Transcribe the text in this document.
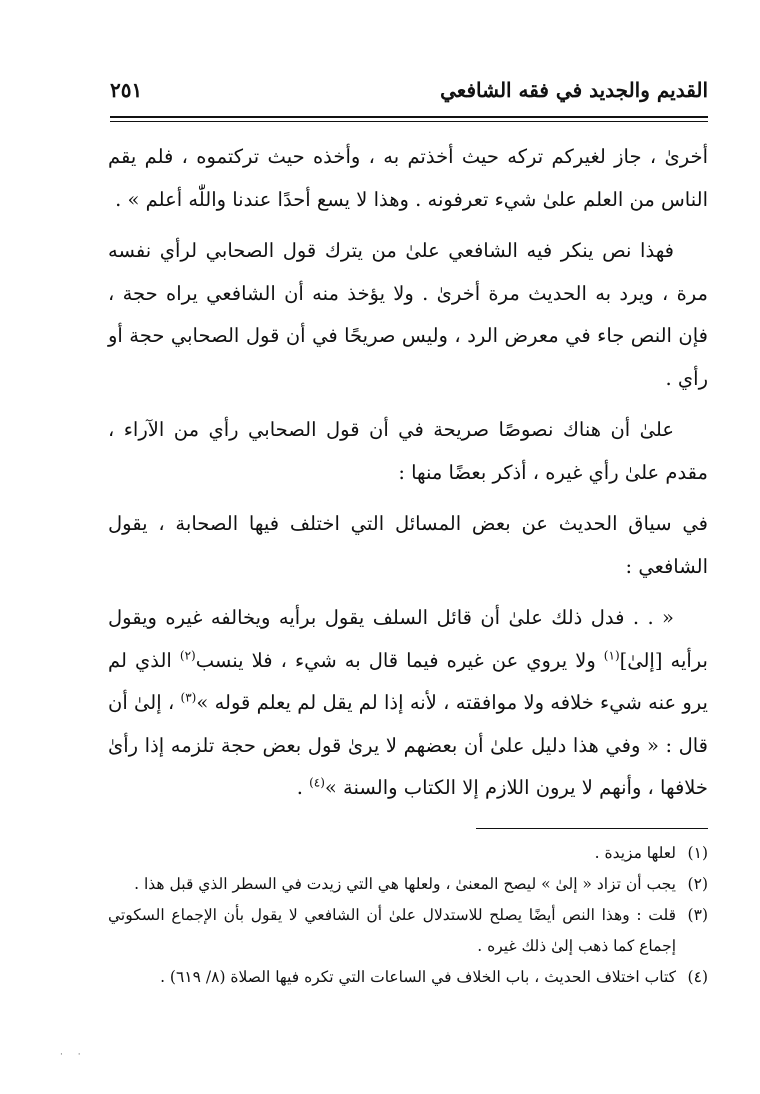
القديم والجديد في فقه الشافعي
٢٥١

أخرىٰ ، جاز لغيركم تركه حيث أخذتم به ، وأخذه حيث تركتموه ، فلم يقم الناس من العلم علىٰ شيء تعرفونه . وهذا لا يسع أحدًا عندنا واللّٰه أعلم » .

فهذا نص ينكر فيه الشافعي علىٰ من يترك قول الصحابي لرأي نفسه مرة ، ويرد به الحديث مرة أخرىٰ . ولا يؤخذ منه أن الشافعي يراه حجة ، فإن النص جاء في معرض الرد ، وليس صريحًا في أن قول الصحابي حجة أو رأي .

علىٰ أن هناك نصوصًا صريحة في أن قول الصحابي رأي من الآراء ، مقدم علىٰ رأي غيره ، أذكر بعضًا منها :

في سياق الحديث عن بعض المسائل التي اختلف فيها الصحابة ، يقول الشافعي :

« . . فدل ذلك علىٰ أن قائل السلف يقول برأيه ويخالفه غيره ويقول برأيه [إلىٰ]$^{(١)}$ ولا يروي عن غيره فيما قال به شيء ، فلا ينسب$^{(٢)}$ الذي لم يرو عنه شيء خلافه ولا موافقته ، لأنه إذا لم يقل لم يعلم قوله »$^{(٣)}$ ، إلىٰ أن قال : « وفي هذا دليل علىٰ أن بعضهم لا يرىٰ قول بعض حجة تلزمه إذا رأىٰ خلافها ، وأنهم لا يرون اللازم إلا الكتاب والسنة »$^{(٤)}$ .

(١)
لعلها مزيدة .

(٢)
يجب أن تزاد « إلىٰ » ليصح المعنىٰ ، ولعلها هي التي زيدت في السطر الذي قبل هذا .

(٣)
قلت : وهذا النص أيضًا يصلح للاستدلال علىٰ أن الشافعي لا يقول بأن الإجماع السكوتي إجماع كما ذهب إلىٰ ذلك غيره .

(٤)
كتاب اختلاف الحديث ، باب الخلاف في الساعات التي تكره فيها الصلاة (٨/ ٦١٩) .

· ·
